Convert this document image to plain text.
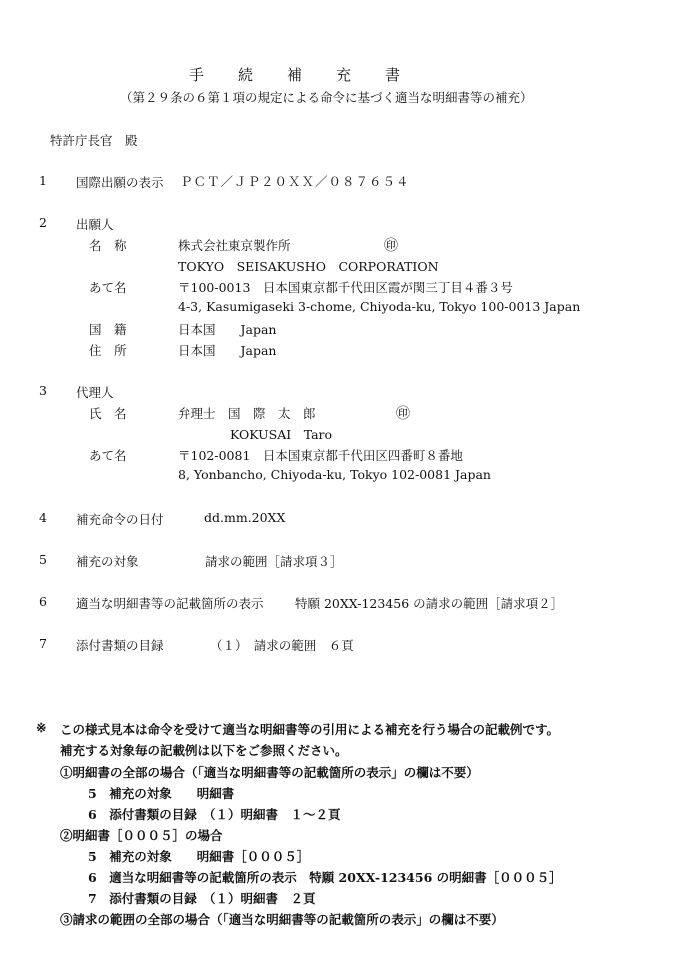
手続補充書
（第２９条の６第１項の規定による命令に基づく適当な明細書等の補充）
特許庁長官　殿
1 国際出願の表示 ＰＣＴ／ＪＰ２０ＸＸ／０８７６５４
2 出願人
名　称	株式会社東京製作所	㊞
TOKYO　SEISAKUSHO　CORPORATION
あて名	〒100-0013　日本国東京都千代田区霞が関三丁目４番３号
4-3, Kasumigaseki 3-chome, Chiyoda-ku, Tokyo 100-0013 Japan
国　籍	日本国　　Japan
住　所	日本国　　Japan
3 代理人
氏　名	弁理士　国　際　太　郎	㊞
KOKUSAI　Taro
あて名	〒102-0081　日本国東京都千代田区四番町８番地
8, Yonbancho, Chiyoda-ku, Tokyo 102-0081 Japan
4 補充命令の日付	dd.mm.20XX
5 補充の対象	請求の範囲［請求項３］
6 適当な明細書等の記載箇所の表示	特願 20XX-123456 の請求の範囲［請求項２］
7 添付書類の目録	（１）　請求の範囲　６頁
※ この様式見本は命令を受けて適当な明細書等の引用による補充を行う場合の記載例です。
補充する対象毎の記載例は以下をご参照ください。
①明細書の全部の場合（「適当な明細書等の記載箇所の表示」の欄は不要）
5　補充の対象　　明細書
6　添付書類の目録　（１）明細書　１～２頁
②明細書［０００５］の場合
5　補充の対象　　明細書［０００５］
6　適当な明細書等の記載箇所の表示　特願 20XX-123456 の明細書［０００５］
7　添付書類の目録　（１）明細書　２頁
③請求の範囲の全部の場合（「適当な明細書等の記載箇所の表示」の欄は不要）
